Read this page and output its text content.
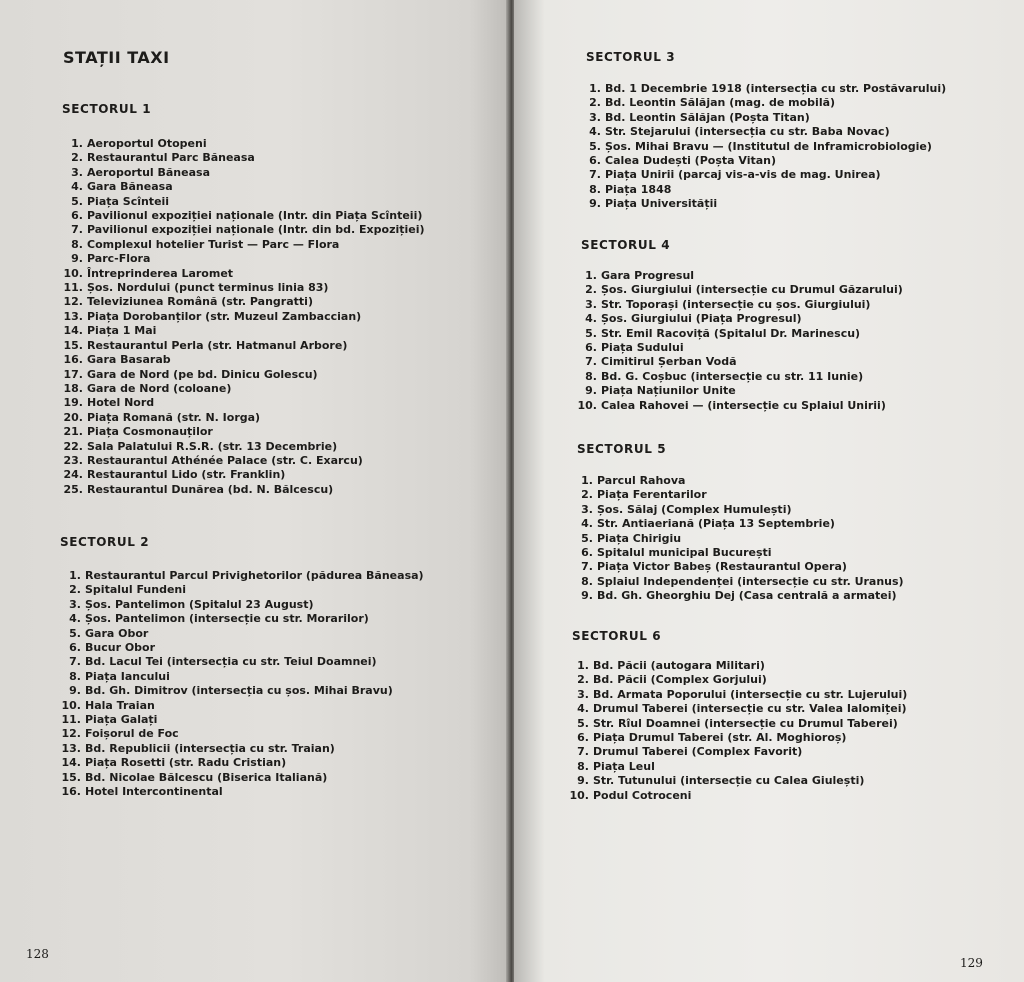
STAȚII TAXI
SECTORUL 1
1. Aeroportul Otopeni
2. Restaurantul Parc Băneasa
3. Aeroportul Băneasa
4. Gara Băneasa
5. Piața Scînteii
6. Pavilionul expoziției naționale (Intr. din Piața Scînteii)
7. Pavilionul expoziției naționale (Intr. din bd. Expoziției)
8. Complexul hotelier Turist — Parc — Flora
9. Parc-Flora
10. Întreprinderea Laromet
11. Șos. Nordului (punct terminus linia 83)
12. Televiziunea Română (str. Pangratti)
13. Piața Dorobanților (str. Muzeul Zambaccian)
14. Piața 1 Mai
15. Restaurantul Perla (str. Hatmanul Arbore)
16. Gara Basarab
17. Gara de Nord (pe bd. Dinicu Golescu)
18. Gara de Nord (coloane)
19. Hotel Nord
20. Piața Romană (str. N. Iorga)
21. Piața Cosmonauților
22. Sala Palatului R.S.R. (str. 13 Decembrie)
23. Restaurantul Athénée Palace (str. C. Exarcu)
24. Restaurantul Lido (str. Franklin)
25. Restaurantul Dunărea (bd. N. Bălcescu)
SECTORUL 2
1. Restaurantul Parcul Privighetorilor (pădurea Băneasa)
2. Spitalul Fundeni
3. Șos. Pantelimon (Spitalul 23 August)
4. Șos. Pantelimon (intersecție cu str. Morarilor)
5. Gara Obor
6. Bucur Obor
7. Bd. Lacul Tei (intersecția cu str. Teiul Doamnei)
8. Piața Iancului
9. Bd. Gh. Dimitrov (intersecția cu șos. Mihai Bravu)
10. Hala Traian
11. Piața Galați
12. Foișorul de Foc
13. Bd. Republicii (intersecția cu str. Traian)
14. Piața Rosetti (str. Radu Cristian)
15. Bd. Nicolae Bălcescu (Biserica Italiană)
16. Hotel Intercontinental
128
SECTORUL 3
1. Bd. 1 Decembrie 1918 (intersecția cu str. Postăvarului)
2. Bd. Leontin Sălăjan (mag. de mobilă)
3. Bd. Leontin Sălăjan (Poșta Titan)
4. Str. Stejarului (intersecția cu str. Baba Novac)
5. Șos. Mihai Bravu — (Institutul de Inframicrobiologie)
6. Calea Dudești (Poșta Vitan)
7. Piața Unirii (parcaj vis-a-vis de mag. Unirea)
8. Piața 1848
9. Piața Universității
SECTORUL 4
1. Gara Progresul
2. Șos. Giurgiului (intersecție cu Drumul Găzarului)
3. Str. Toporași (intersecție cu șos. Giurgiului)
4. Șos. Giurgiului (Piața Progresul)
5. Str. Emil Racoviță (Spitalul Dr. Marinescu)
6. Piața Sudului
7. Cimitirul Șerban Vodă
8. Bd. G. Coșbuc (intersecție cu str. 11 Iunie)
9. Piața Națiunilor Unite
10. Calea Rahovei — (intersecție cu Splaiul Unirii)
SECTORUL 5
1. Parcul Rahova
2. Piața Ferentarilor
3. Șos. Sălaj (Complex Humulești)
4. Str. Antiaeriană (Piața 13 Septembrie)
5. Piața Chirigiu
6. Spitalul municipal București
7. Piața Victor Babeș (Restaurantul Opera)
8. Splaiul Independenței (intersecție cu str. Uranus)
9. Bd. Gh. Gheorghiu Dej (Casa centrală a armatei)
SECTORUL 6
1. Bd. Păcii (autogara Militari)
2. Bd. Păcii (Complex Gorjului)
3. Bd. Armata Poporului (intersecție cu str. Lujerului)
4. Drumul Taberei (intersecție cu str. Valea Ialomiței)
5. Str. Rîul Doamnei (intersecție cu Drumul Taberei)
6. Piața Drumul Taberei (str. Al. Moghioroș)
7. Drumul Taberei (Complex Favorit)
8. Piața Leul
9. Str. Tutunului (intersecție cu Calea Giulești)
10. Podul Cotroceni
129
